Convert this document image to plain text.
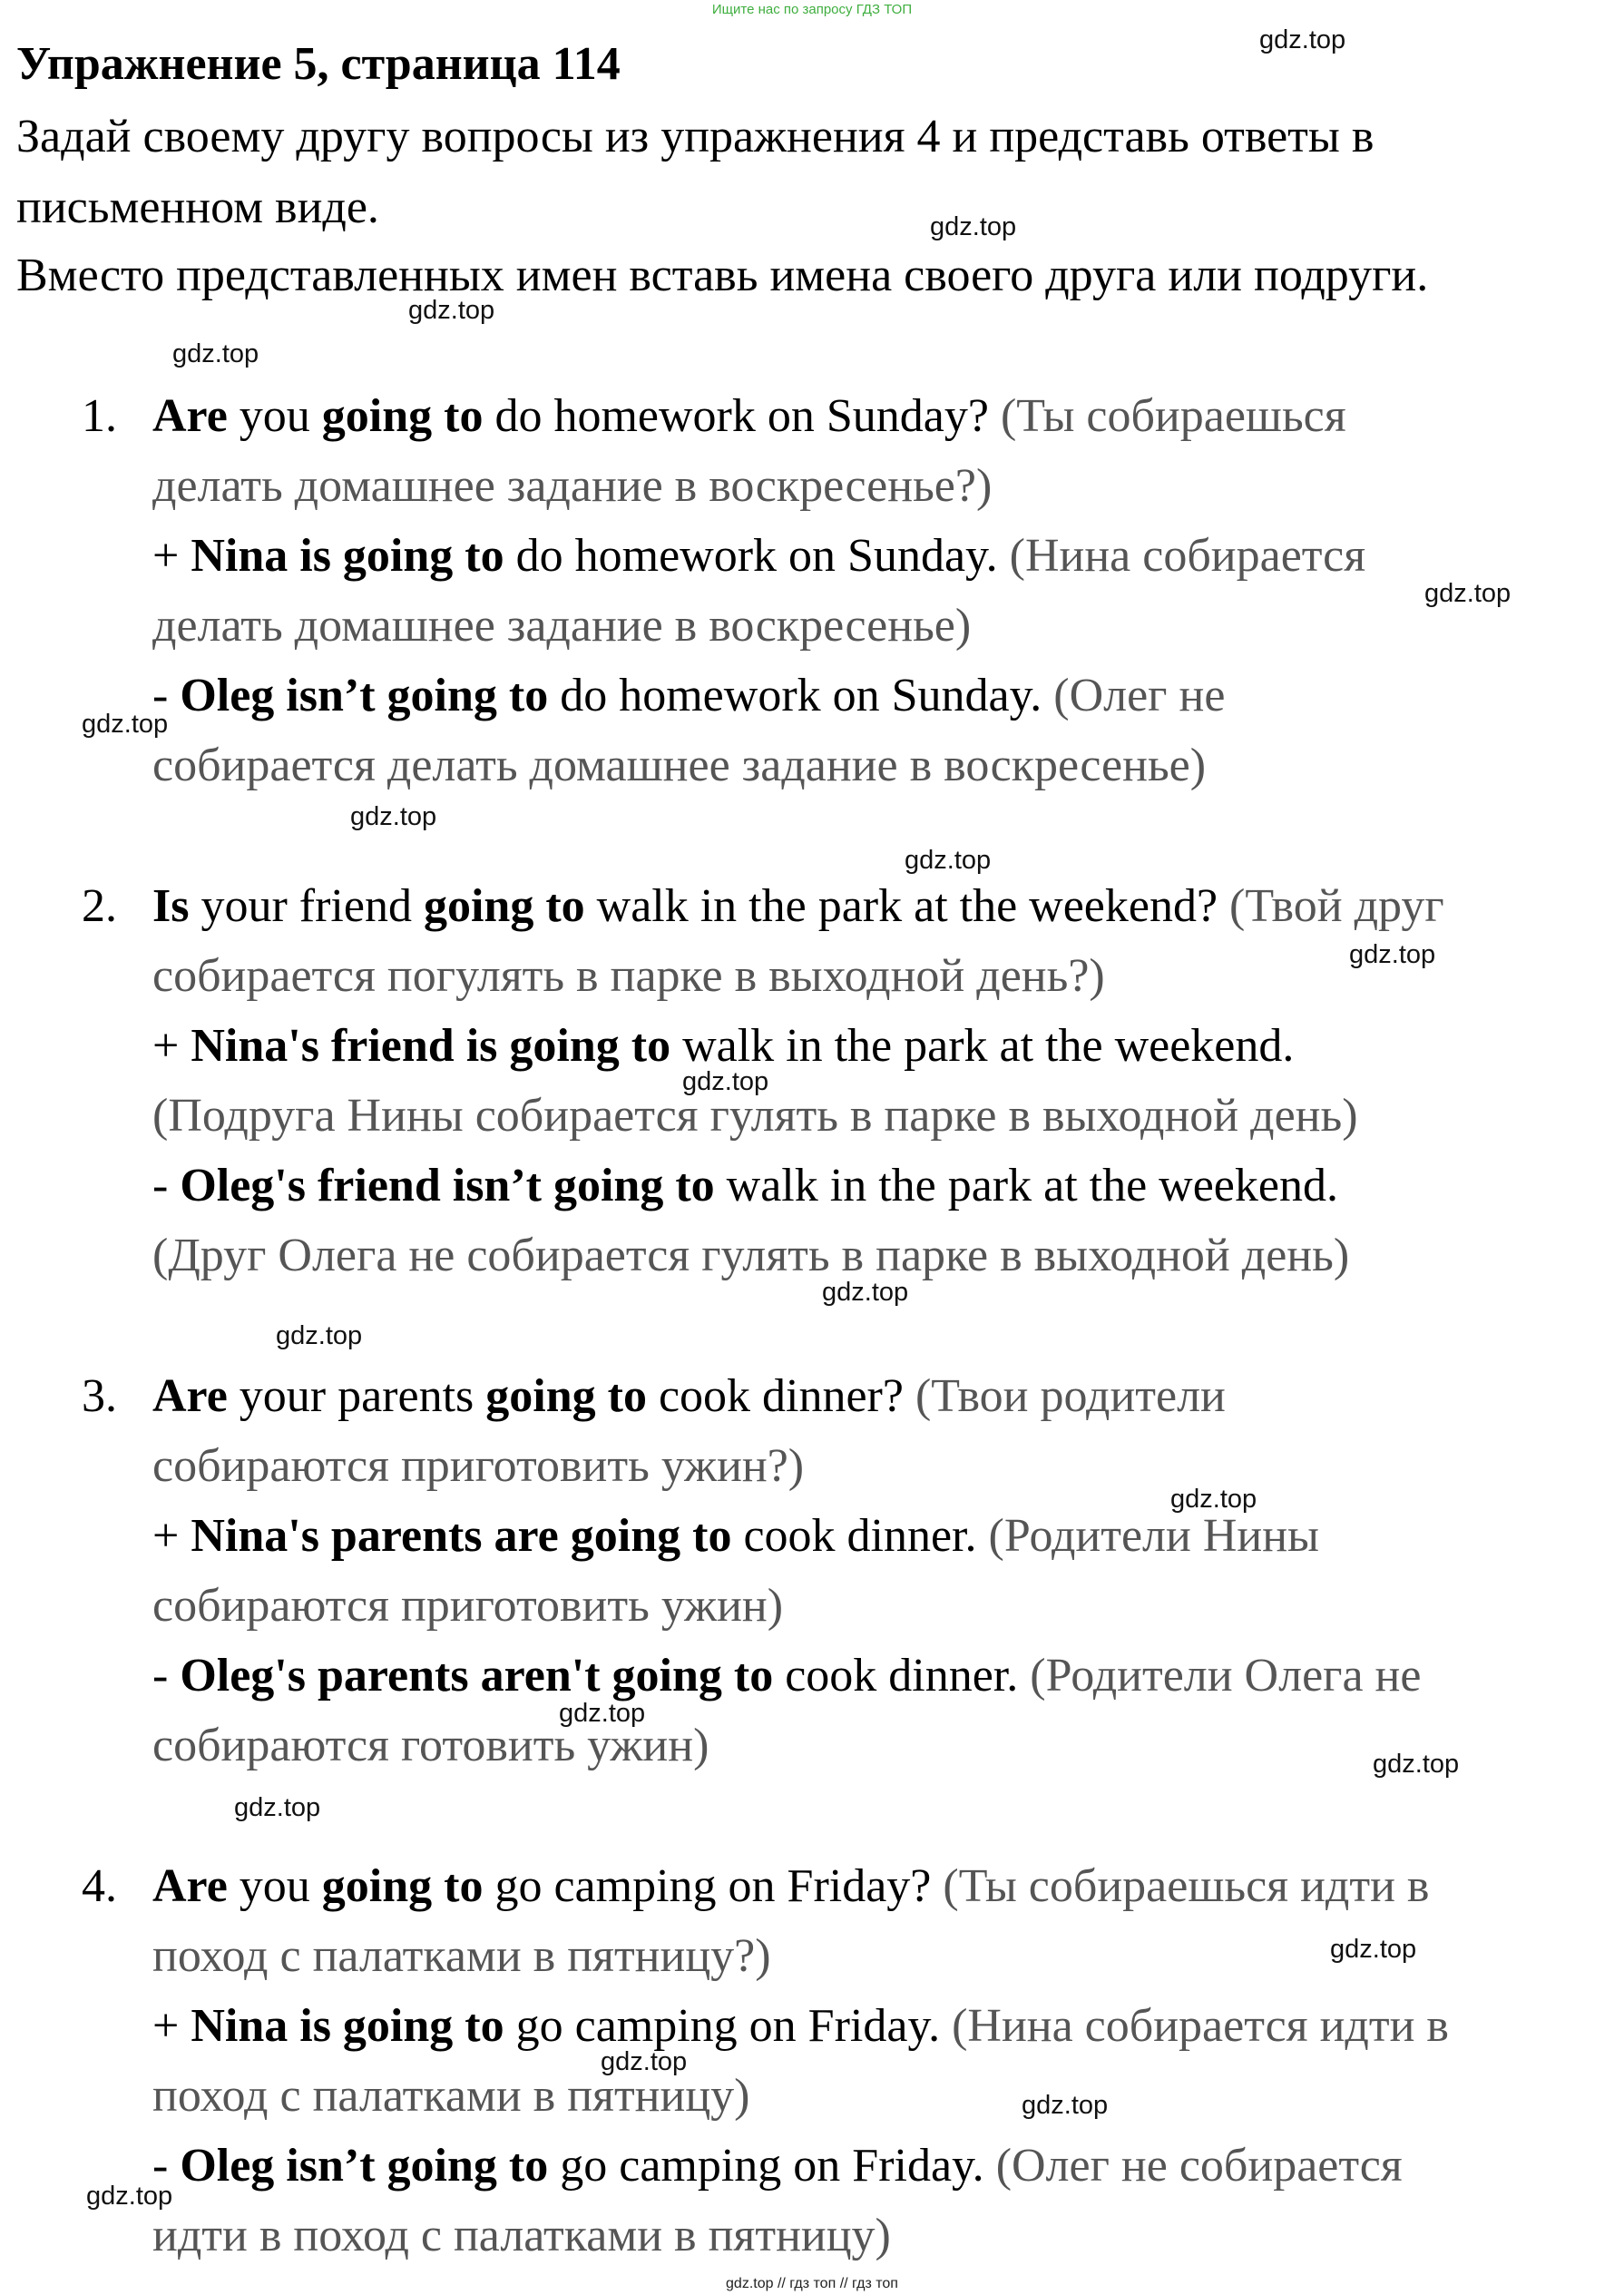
Ищите нас по запросу ГДЗ ТОП
Упражнение 5, страница 114
Задай своему другу вопросы из упражнения 4 и представь ответы в письменном виде.
Вместо представленных имен вставь имена своего друга или подруги.
1. Are you going to do homework on Sunday? (Ты собираешься
делать домашнее задание в воскресенье?)
+ Nina is going to do homework on Sunday. (Нина собирается
делать домашнее задание в воскресенье)
- Oleg isn’t going to do homework on Sunday. (Олег не
собирается делать домашнее задание в воскресенье)
2. Is your friend going to walk in the park at the weekend? (Твой друг
собирается погулять в парке в выходной день?)
+ Nina's friend is going to walk in the park at the weekend.
(Подруга Нины собирается гулять в парке в выходной день)
- Oleg's friend isn’t going to walk in the park at the weekend.
(Друг Олега не собирается гулять в парке в выходной день)
3. Are your parents going to cook dinner? (Твои родители
собираются приготовить ужин?)
+ Nina's parents are going to cook dinner. (Родители Нины
собираются приготовить ужин)
- Oleg's parents aren't going to cook dinner. (Родители Олега не
собираются готовить ужин)
4. Are you going to go camping on Friday? (Ты собираешься идти в
поход с палатками в пятницу?)
+ Nina is going to go camping on Friday. (Нина собирается идти в
поход с палатками в пятницу)
- Oleg isn’t going to go camping on Friday. (Олег не собирается
идти в поход с палатками в пятницу)
gdz.top
gdz.top
gdz.top
gdz.top
gdz.top
gdz.top
gdz.top
gdz.top
gdz.top
gdz.top
gdz.top
gdz.top
gdz.top
gdz.top
gdz.top
gdz.top
gdz.top
gdz.top
gdz.top
gdz.top
gdz.top // гдз топ // гдз топ
